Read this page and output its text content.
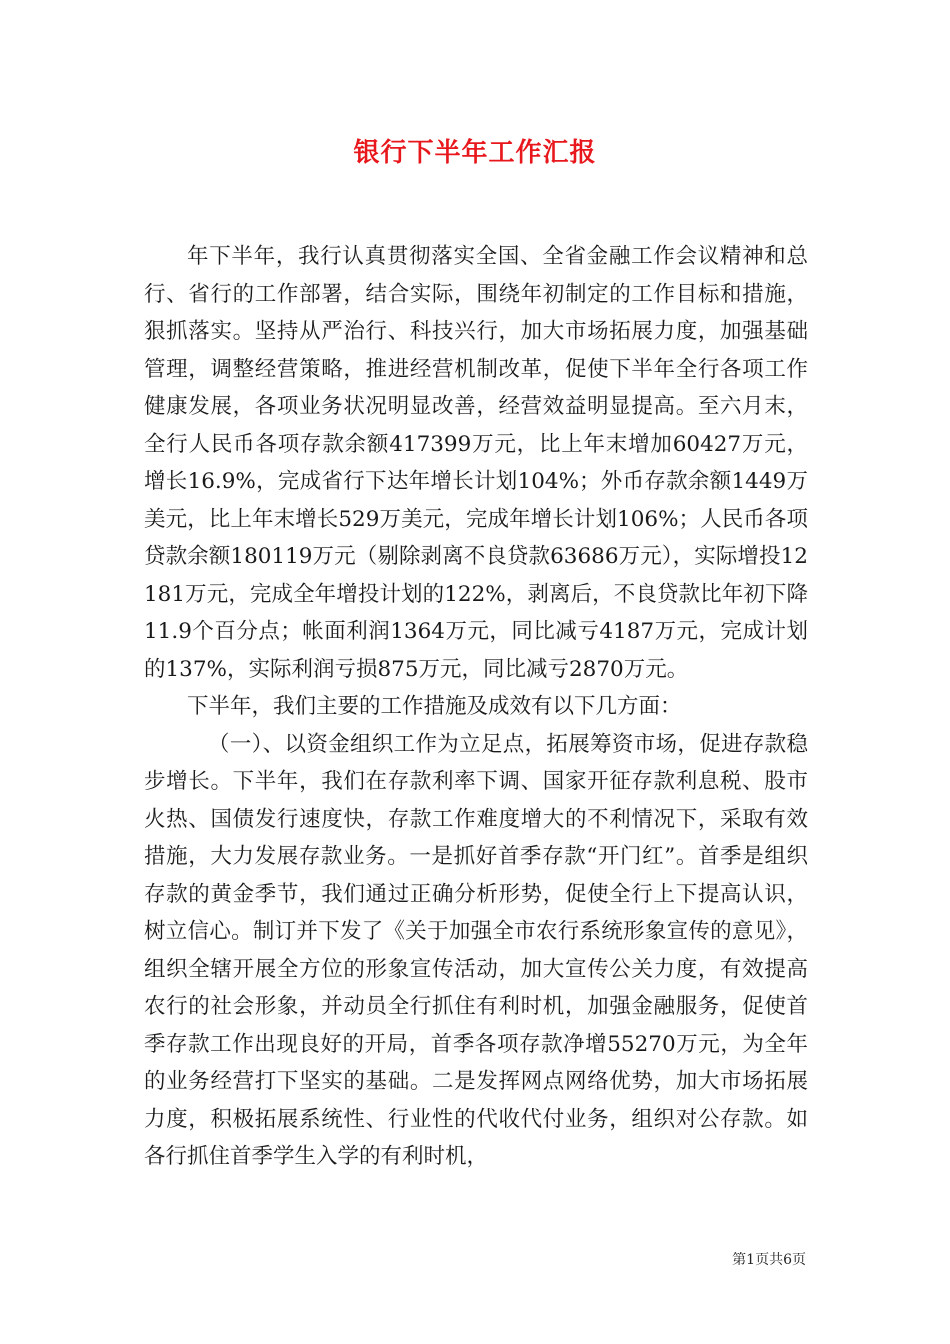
银行下半年工作汇报

年下半年，我行认真贯彻落实全国、全省金融工作会议精神和总行、省行的工作部署，结合实际，围绕年初制定的工作目标和措施，狠抓落实。坚持从严治行、科技兴行，加大市场拓展力度，加强基础管理，调整经营策略，推进经营机制改革，促使下半年全行各项工作健康发展，各项业务状况明显改善，经营效益明显提高。至六月末，全行人民币各项存款余额417399万元，比上年末增加60427万元，增长16.9%，完成省行下达年增长计划104%；外币存款余额1449万美元，比上年末增长529万美元，完成年增长计划106%；人民币各项贷款余额180119万元（剔除剥离不良贷款63686万元），实际增投12181万元，完成全年增投计划的122%，剥离后，不良贷款比年初下降11.9个百分点；帐面利润1364万元，同比减亏4187万元，完成计划的137%，实际利润亏损875万元，同比减亏2870万元。

下半年，我们主要的工作措施及成效有以下几方面：

（一）、以资金组织工作为立足点，拓展筹资市场，促进存款稳步增长。下半年，我们在存款利率下调、国家开征存款利息税、股市火热、国债发行速度快，存款工作难度增大的不利情况下，采取有效措施，大力发展存款业务。一是抓好首季存款“开门红”。首季是组织存款的黄金季节，我们通过正确分析形势，促使全行上下提高认识，树立信心。制订并下发了《关于加强全市农行系统形象宣传的意见》，组织全辖开展全方位的形象宣传活动，加大宣传公关力度，有效提高农行的社会形象，并动员全行抓住有利时机，加强金融服务，促使首季存款工作出现良好的开局，首季各项存款净增55270万元，为全年的业务经营打下坚实的基础。二是发挥网点网络优势，加大市场拓展力度，积极拓展系统性、行业性的代收代付业务，组织对公存款。如各行抓住首季学生入学的有利时机，

第1页共6页
